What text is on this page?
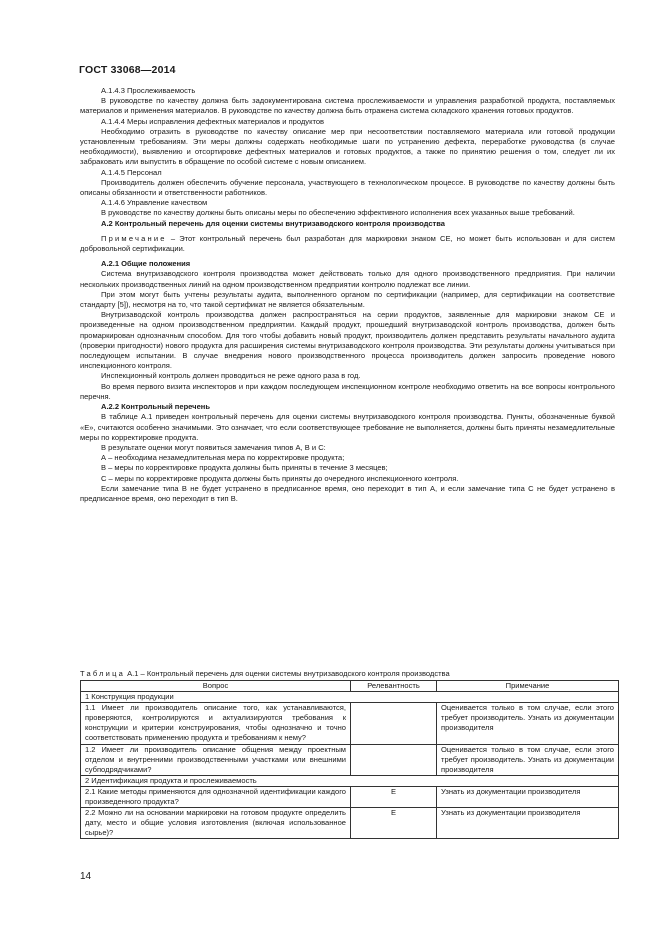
ГОСТ 33068—2014

А.1.4.3 Прослеживаемость

В руководстве по качеству должна быть задокументирована система прослеживаемости и управления разработкой продукта, поставляемых материалов и применения материалов. В руководстве по качеству должна быть отражена система складского хранения готовых продуктов.

А.1.4.4 Меры исправления дефектных материалов и продуктов

Необходимо отразить в руководстве по качеству описание мер при несоответствии поставляемого материала или готовой продукции установленным требованиям. Эти меры должны содержать необходимые шаги по устранению дефекта, переработке руководства (в случае необходимости), выявлению и отсортировке дефектных материалов и готовых продуктов, а также по принятию решения о том, следует ли их забраковать или выпустить в обращение по особой системе с новым описанием.

А.1.4.5 Персонал

Производитель должен обеспечить обучение персонала, участвующего в технологическом процессе. В руководстве по качеству должны быть описаны обязанности и ответственности работников.

А.1.4.6 Управление качеством

В руководстве по качеству должны быть описаны меры по обеспечению эффективного исполнения всех указанных выше требований.

А.2 Контрольный перечень для оценки системы внутризаводского контроля производства

Примечание – Этот контрольный перечень был разработан для маркировки знаком СЕ, но может быть использован и для систем добровольной сертификации.

А.2.1 Общие положения

Система внутризаводского контроля производства может действовать только для одного производственного предприятия. При наличии нескольких производственных линий на одном производственном предприятии контролю подлежат все линии.

При этом могут быть учтены результаты аудита, выполненного органом по сертификации (например, для сертификации на соответствие стандарту [5]), несмотря на то, что такой сертификат не является обязательным.

Внутризаводской контроль производства должен распространяться на серии продуктов, заявленные для маркировки знаком СЕ и произведенные на одном производственном предприятии. Каждый продукт, прошедший внутризаводской контроль производства, должен быть промаркирован однозначным способом. Для того чтобы добавить новый продукт, производитель должен представить результаты начального аудита (проверки пригодности) нового продукта для расширения системы внутризаводского контроля производства. Эти результаты должны учитываться при последующем испытании. В случае внедрения нового производственного процесса производитель должен запросить проведение нового инспекционного контроля.

Инспекционный контроль должен проводиться не реже одного раза в год.

Во время первого визита инспекторов и при каждом последующем инспекционном контроле необходимо ответить на все вопросы контрольного перечня.

А.2.2 Контрольный перечень

В таблице А.1 приведен контрольный перечень для оценки системы внутризаводского контроля производства. Пункты, обозначенные буквой «Е», считаются особенно значимыми. Это означает, что если соответствующее требование не выполняется, должны быть приняты незамедлительные меры по корректировке продукта.

В результате оценки могут появиться замечания типов А, В и С:

А – необходима незамедлительная мера по корректировке продукта;

В – меры по корректировке продукта должны быть приняты в течение 3 месяцев;

С – меры по корректировке продукта должны быть приняты до очередного инспекционного контроля.

Если замечание типа В не будет устранено в предписанное время, оно переходит в тип А, и если замечание типа С не будет устранено в предписанное время, оно переходит в тип В.

Таблица А.1 – Контрольный перечень для оценки системы внутризаводского контроля производства
Вопрос	Релевантность	Примечание
1 Конструкция продукции		
1.1 Имеет ли производитель описание того, как устанавливаются, проверяются, контролируются и актуализируются требования к конструкции и критерии конструирования, чтобы однозначно и точно соответствовать применению продукта и требованиям к нему?		Оценивается только в том случае, если этого требует производитель. Узнать из документации производителя
1.2 Имеет ли производитель описание общения между проектным отделом и внутренними производственными участками или внешними субподрядчиками?		Оценивается только в том случае, если этого требует производитель. Узнать из документации производителя
2 Идентификация продукта и прослеживаемость		
2.1 Какие методы применяются для однозначной идентификации каждого произведенного продукта?	Е	Узнать из документации производителя
2.2 Можно ли на основании маркировки на готовом продукте определить дату, место и общие условия изготовления (включая использованное сырье)?	Е	Узнать из документации производителя
14
